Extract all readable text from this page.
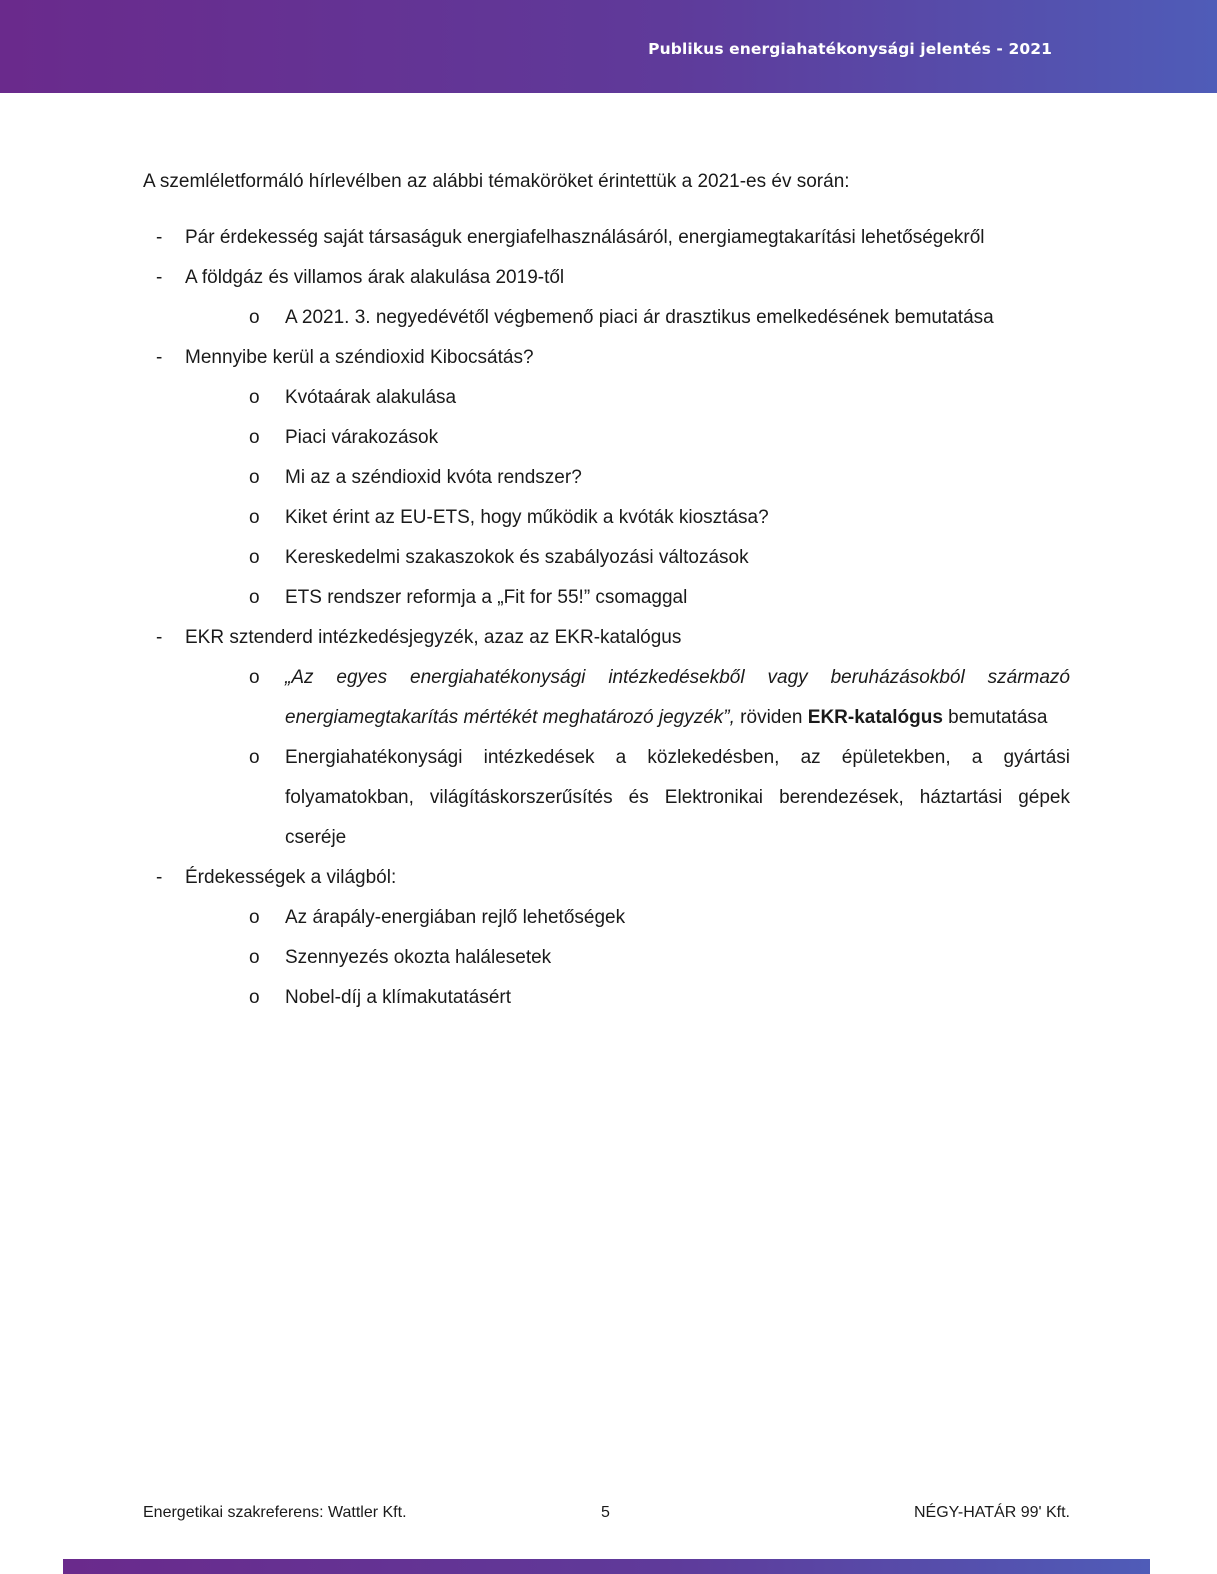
Publikus energiahatékonysági jelentés - 2021
A szemléletformáló hírlevélben az alábbi témaköröket érintettük a 2021-es év során:
- Pár érdekesség saját társaságuk energiafelhasználásáról, energiamegtakarítási lehetőségekről
- A földgáz és villamos árak alakulása 2019-től
o A 2021. 3. negyedévétől végbemenő piaci ár drasztikus emelkedésének bemutatása
- Mennyibe kerül a széndioxid Kibocsátás?
o Kvótaárak alakulása
o Piaci várakozások
o Mi az a széndioxid kvóta rendszer?
o Kiket érint az EU-ETS, hogy működik a kvóták kiosztása?
o Kereskedelmi szakaszokok és szabályozási változások
o ETS rendszer reformja a „Fit for 55!” csomaggal
- EKR sztenderd intézkedésjegyzék, azaz az EKR-katalógus
o „Az egyes energiahatékonysági intézkedésekből vagy beruházásokból származó energiamegtakarítás mértékét meghatározó jegyzék”, röviden EKR-katalógus bemutatása
o Energiahatékonysági intézkedések a közlekedésben, az épületekben, a gyártási folyamatokban, világításkorszerűsítés és Elektronikai berendezések, háztartási gépek cseréje
- Érdekességek a világból:
o Az árapály-energiában rejlő lehetőségek
o Szennyezés okozta halálesetek
o Nobel-díj a klímakutatásért
Energetikai szakreferens: Wattler Kft.	5	NÉGY-HATÁR 99' Kft.
